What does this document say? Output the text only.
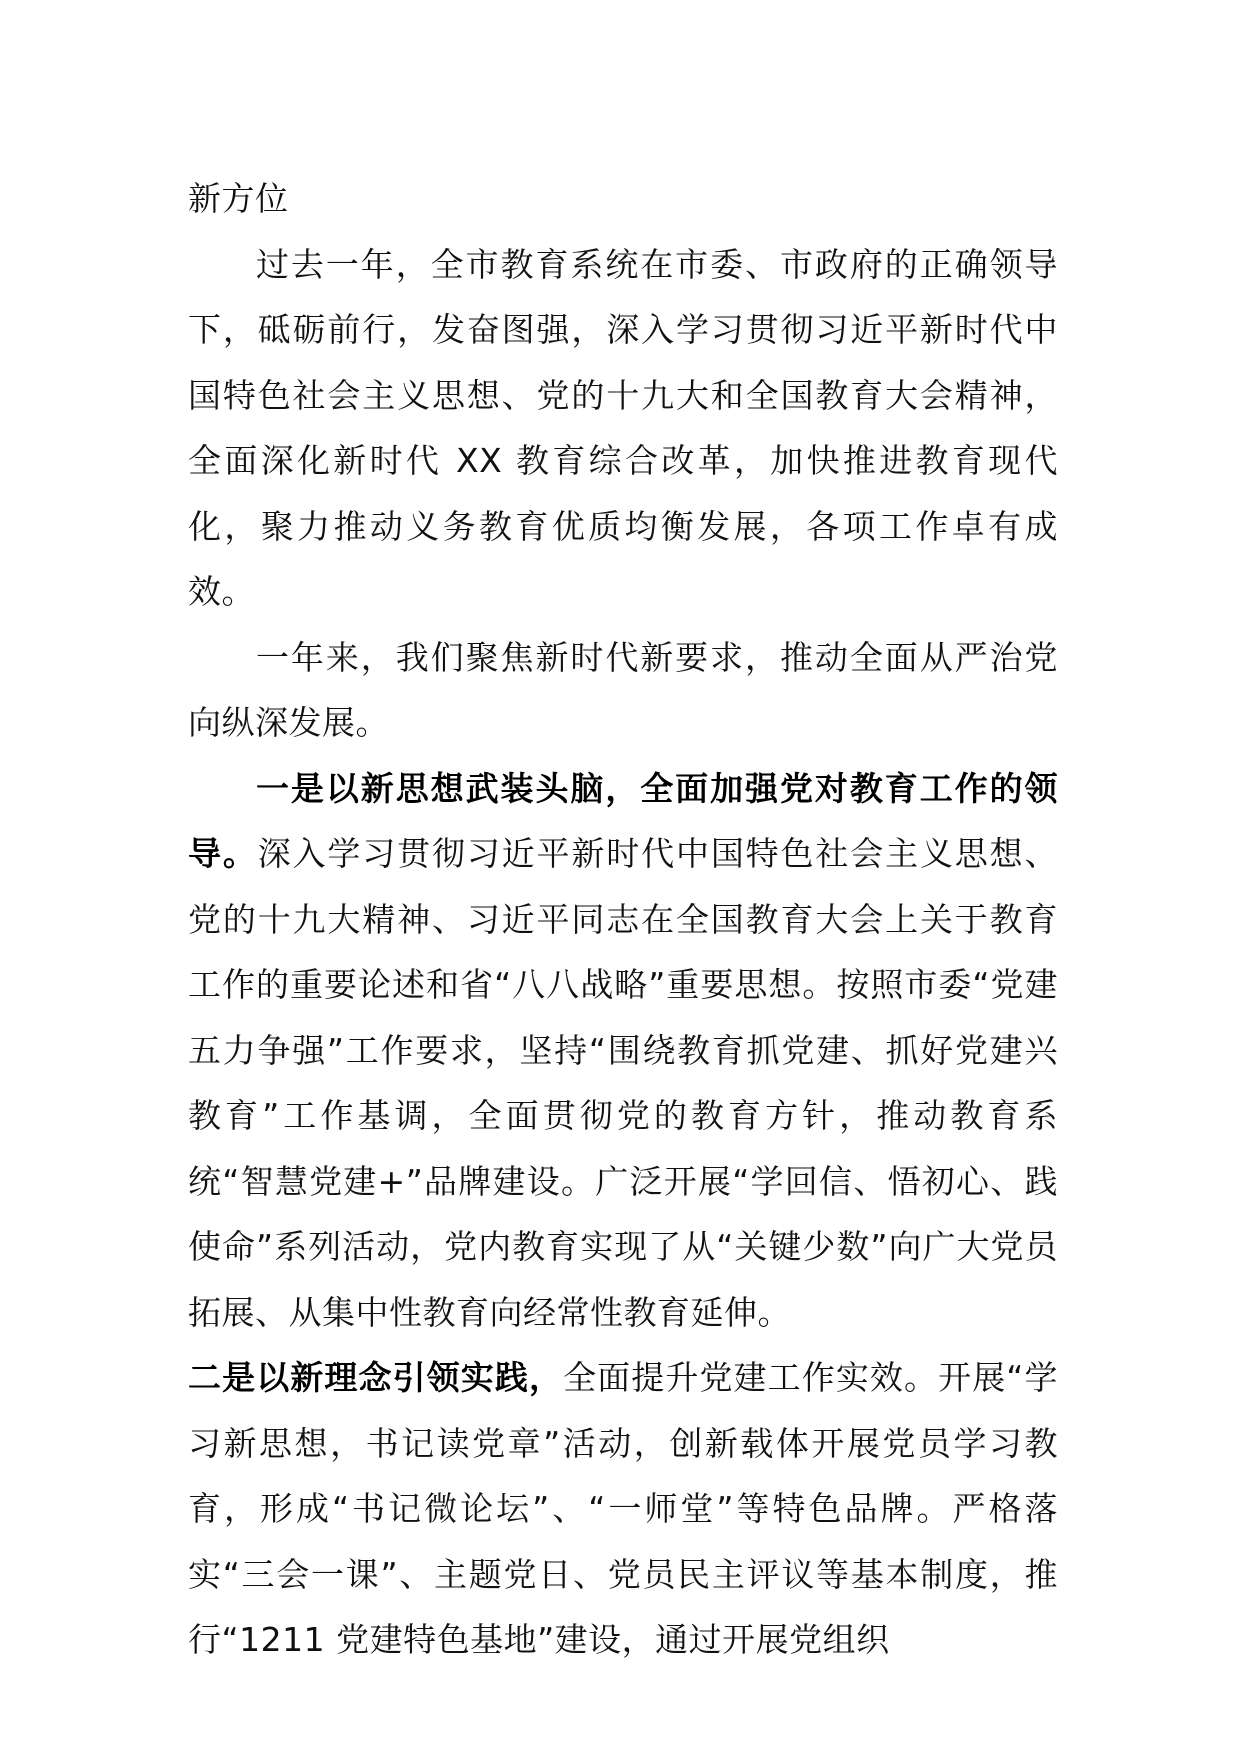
新方位

过去一年，全市教育系统在市委、市政府的正确领导下，砥砺前行，发奋图强，深入学习贯彻习近平新时代中国特色社会主义思想、党的十九大和全国教育大会精神，全面深化新时代 XX 教育综合改革，加快推进教育现代化，聚力推动义务教育优质均衡发展，各项工作卓有成效。

一年来，我们聚焦新时代新要求，推动全面从严治党向纵深发展。

一是以新思想武装头脑，全面加强党对教育工作的领导。深入学习贯彻习近平新时代中国特色社会主义思想、党的十九大精神、习近平同志在全国教育大会上关于教育工作的重要论述和省“八八战略”重要思想。按照市委“党建五力争强”工作要求，坚持“围绕教育抓党建、抓好党建兴教育”工作基调，全面贯彻党的教育方针，推动教育系统“智慧党建+”品牌建设。广泛开展“学回信、悟初心、践使命”系列活动，党内教育实现了从“关键少数”向广大党员拓展、从集中性教育向经常性教育延伸。

二是以新理念引领实践，全面提升党建工作实效。开展“学习新思想，书记读党章”活动，创新载体开展党员学习教育，形成“书记微论坛”、“一师堂”等特色品牌。严格落实“三会一课”、主题党日、党员民主评议等基本制度，推行“1211 党建特色基地”建设，通过开展党组织
